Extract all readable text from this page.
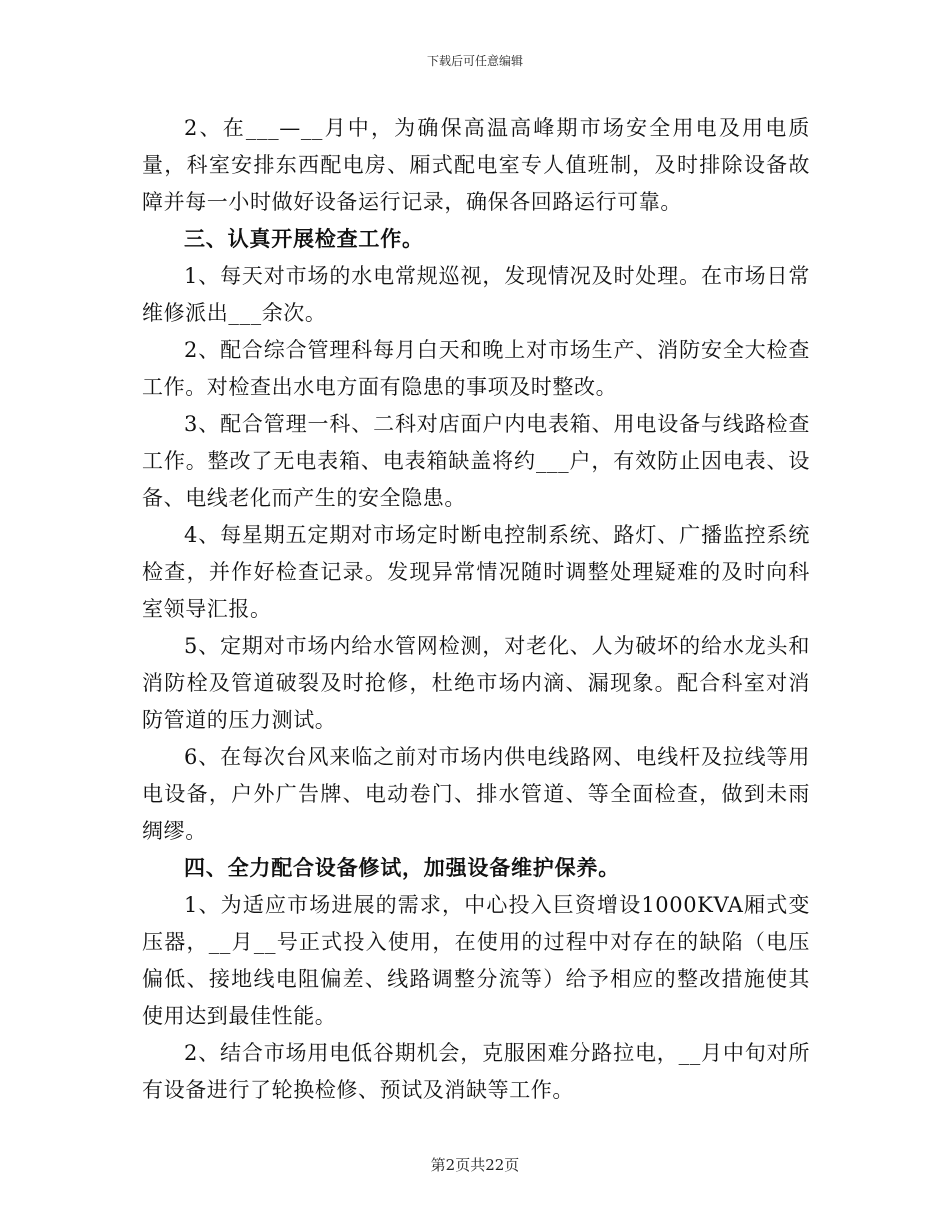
下载后可任意编辑

2、在___—__月中，为确保高温高峰期市场安全用电及用电质量，科室安排东西配电房、厢式配电室专人值班制，及时排除设备故障并每一小时做好设备运行记录，确保各回路运行可靠。

三、认真开展检查工作。

1、每天对市场的水电常规巡视，发现情况及时处理。在市场日常维修派出___余次。

2、配合综合管理科每月白天和晚上对市场生产、消防安全大检查工作。对检查出水电方面有隐患的事项及时整改。

3、配合管理一科、二科对店面户内电表箱、用电设备与线路检查工作。整改了无电表箱、电表箱缺盖将约___户，有效防止因电表、设备、电线老化而产生的安全隐患。

4、每星期五定期对市场定时断电控制系统、路灯、广播监控系统检查，并作好检查记录。发现异常情况随时调整处理疑难的及时向科室领导汇报。

5、定期对市场内给水管网检测，对老化、人为破坏的给水龙头和消防栓及管道破裂及时抢修，杜绝市场内滴、漏现象。配合科室对消防管道的压力测试。

6、在每次台风来临之前对市场内供电线路网、电线杆及拉线等用电设备，户外广告牌、电动卷门、排水管道、等全面检查，做到未雨绸缪。

四、全力配合设备修试，加强设备维护保养。

1、为适应市场进展的需求，中心投入巨资增设1000KVA厢式变压器，__月__号正式投入使用，在使用的过程中对存在的缺陷（电压偏低、接地线电阻偏差、线路调整分流等）给予相应的整改措施使其使用达到最佳性能。

2、结合市场用电低谷期机会，克服困难分路拉电，__月中旬对所有设备进行了轮换检修、预试及消缺等工作。

第2页共22页
